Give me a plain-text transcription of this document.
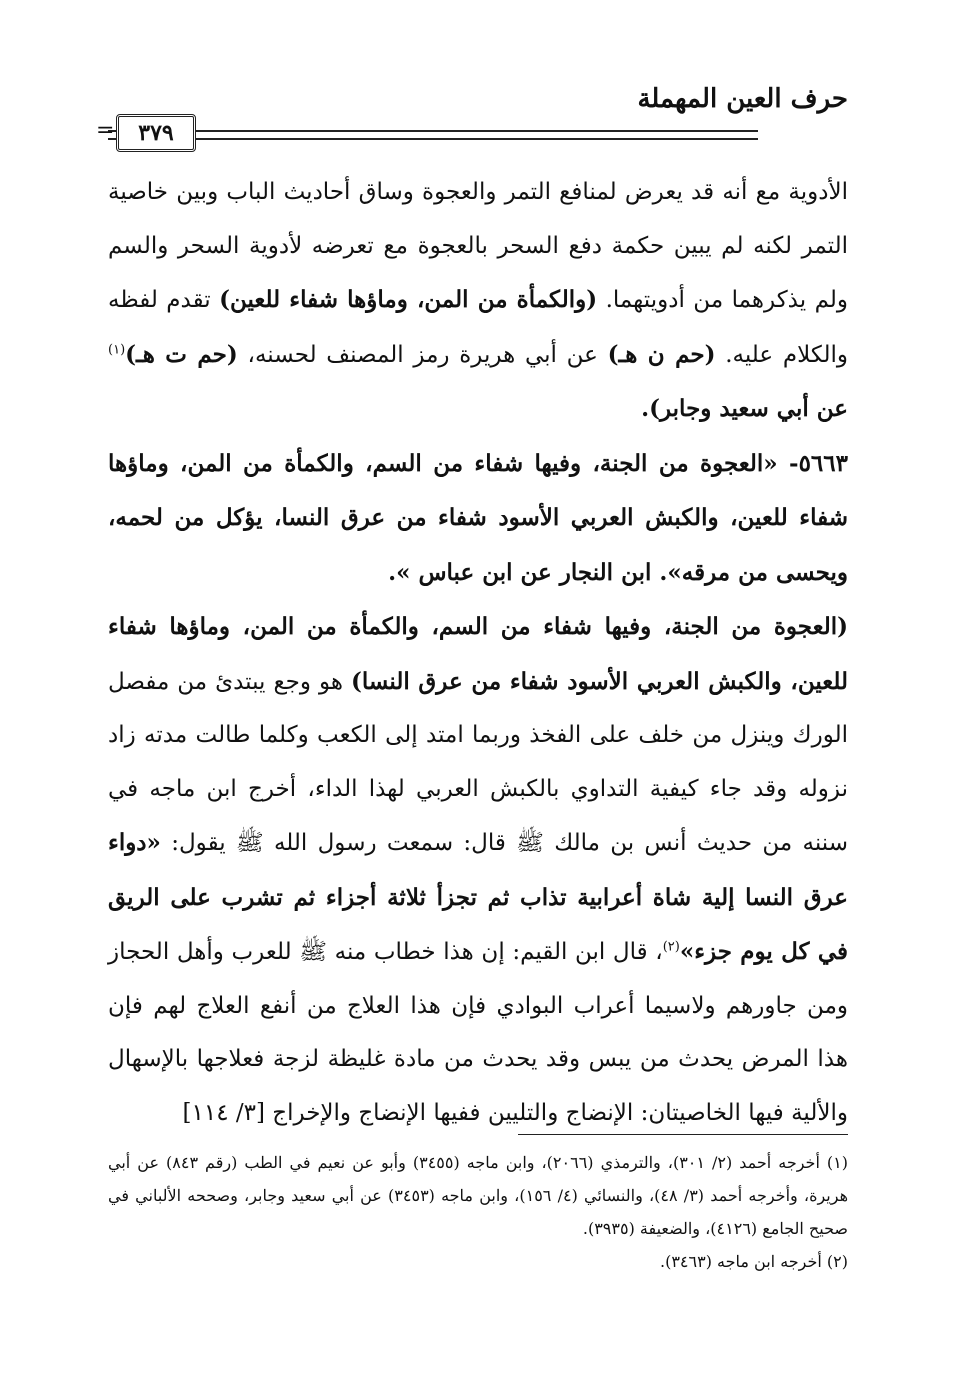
حرف العين المهملة
=	٣٧٩

الأدوية مع أنه قد يعرض لمنافع التمر والعجوة وساق أحاديث الباب وبين خاصية التمر لكنه لم يبين حكمة دفع السحر بالعجوة مع تعرضه لأدوية السحر والسم ولم يذكرهما من أدويتهما. (والكمأة من المن، وماؤها شفاء للعين) تقدم لفظه والكلام عليه. (حم ن هـ) عن أبي هريرة رمز المصنف لحسنه، (حم ت هـ)$^{(١)}$ عن أبي سعيد وجابر).

٥٦٦٣- «العجوة من الجنة، وفيها شفاء من السم، والكمأة من المن، وماؤها شفاء للعين، والكبش العربي الأسود شفاء من عرق النسا، يؤكل من لحمه، ويحسى من مرقه». ابن النجار عن ابن عباس ».

(العجوة من الجنة، وفيها شفاء من السم، والكمأة من المن، وماؤها شفاء للعين، والكبش العربي الأسود شفاء من عرق النسا) هو وجع يبتدئ من مفصل الورك وينزل من خلف على الفخذ وربما امتد إلى الكعب وكلما طالت مدته زاد نزوله وقد جاء كيفية التداوي بالكبش العربي لهذا الداء، أخرج ابن ماجه في سننه من حديث أنس بن مالك ﷺ قال: سمعت رسول الله ﷺ يقول: «دواء عرق النسا إلية شاة أعرابية تذاب ثم تجزأ ثلاثة أجزاء ثم تشرب على الريق في كل يوم جزء»$^{(٢)}$، قال ابن القيم: إن هذا خطاب منه ﷺ للعرب وأهل الحجاز ومن جاورهم ولاسيما أعراب البوادي فإن هذا العلاج من أنفع العلاج لهم فإن هذا المرض يحدث من يبس وقد يحدث من مادة غليظة لزجة فعلاجها بالإسهال والألية فيها الخاصيتان: الإنضاج والتليين ففيها الإنضاج والإخراج [٣/ ١١٤]

(١) أخرجه أحمد (٢/ ٣٠١)، والترمذي (٢٠٦٦)، وابن ماجه (٣٤٥٥) وأبو عن نعيم في الطب (رقم ٨٤٣) عن أبي هريرة، وأخرجه أحمد (٣/ ٤٨)، والنسائي (٤/ ١٥٦)، وابن ماجه (٣٤٥٣) عن أبي سعيد وجابر، وصححه الألباني في صحيح الجامع (٤١٢٦)، والضعيفة (٣٩٣٥).

(٢) أخرجه ابن ماجه (٣٤٦٣).
